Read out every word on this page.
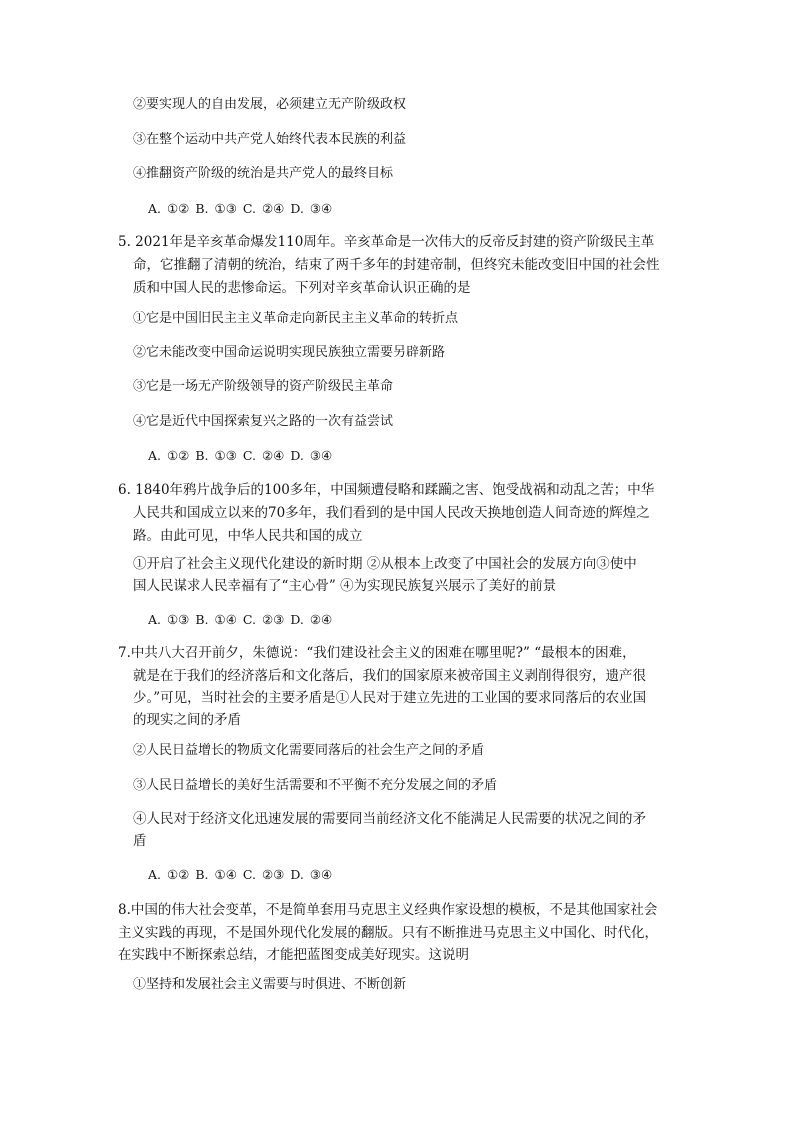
②要实现人的自由发展，必须建立无产阶级政权
③在整个运动中共产党人始终代表本民族的利益
④推翻资产阶级的统治是共产党人的最终目标
A. ①② B. ①③ C. ②④ D. ③④
5. 2021年是辛亥革命爆发110周年。辛亥革命是一次伟大的反帝反封建的资产阶级民主革
命，它推翻了清朝的统治，结束了两千多年的封建帝制，但终究未能改变旧中国的社会性
质和中国人民的悲惨命运。下列对辛亥革命认识正确的是
①它是中国旧民主主义革命走向新民主主义革命的转折点
②它未能改变中国命运说明实现民族独立需要另辟新路
③它是一场无产阶级领导的资产阶级民主革命
④它是近代中国探索复兴之路的一次有益尝试
A. ①② B. ①③ C. ②④ D. ③④
6. 1840年鸦片战争后的100多年，中国频遭侵略和蹂躏之害、饱受战祸和动乱之苦；中华
人民共和国成立以来的70多年，我们看到的是中国人民改天换地创造人间奇迹的辉煌之
路。由此可见，中华人民共和国的成立
①开启了社会主义现代化建设的新时期 ②从根本上改变了中国社会的发展方向③使中
国人民谋求人民幸福有了“主心骨” ④为实现民族复兴展示了美好的前景
A. ①③ B. ①④ C. ②③ D. ②④
7.中共八大召开前夕，朱德说：“我们建设社会主义的困难在哪里呢?” “最根本的困难，
就是在于我们的经济落后和文化落后，我们的国家原来被帝国主义剥削得很穷，遗产很
少。”可见，当时社会的主要矛盾是①人民对于建立先进的工业国的要求同落后的农业国
的现实之间的矛盾
②人民日益增长的物质文化需要同落后的社会生产之间的矛盾
③人民日益增长的美好生活需要和不平衡不充分发展之间的矛盾
④人民对于经济文化迅速发展的需要同当前经济文化不能满足人民需要的状况之间的矛
盾
A. ①② B. ①④ C. ②③ D. ③④
8.中国的伟大社会变革，不是简单套用马克思主义经典作家设想的模板，不是其他国家社会
主义实践的再现，不是国外现代化发展的翻版。只有不断推进马克思主义中国化、时代化，
在实践中不断探索总结，才能把蓝图变成美好现实。这说明
①坚持和发展社会主义需要与时俱进、不断创新
